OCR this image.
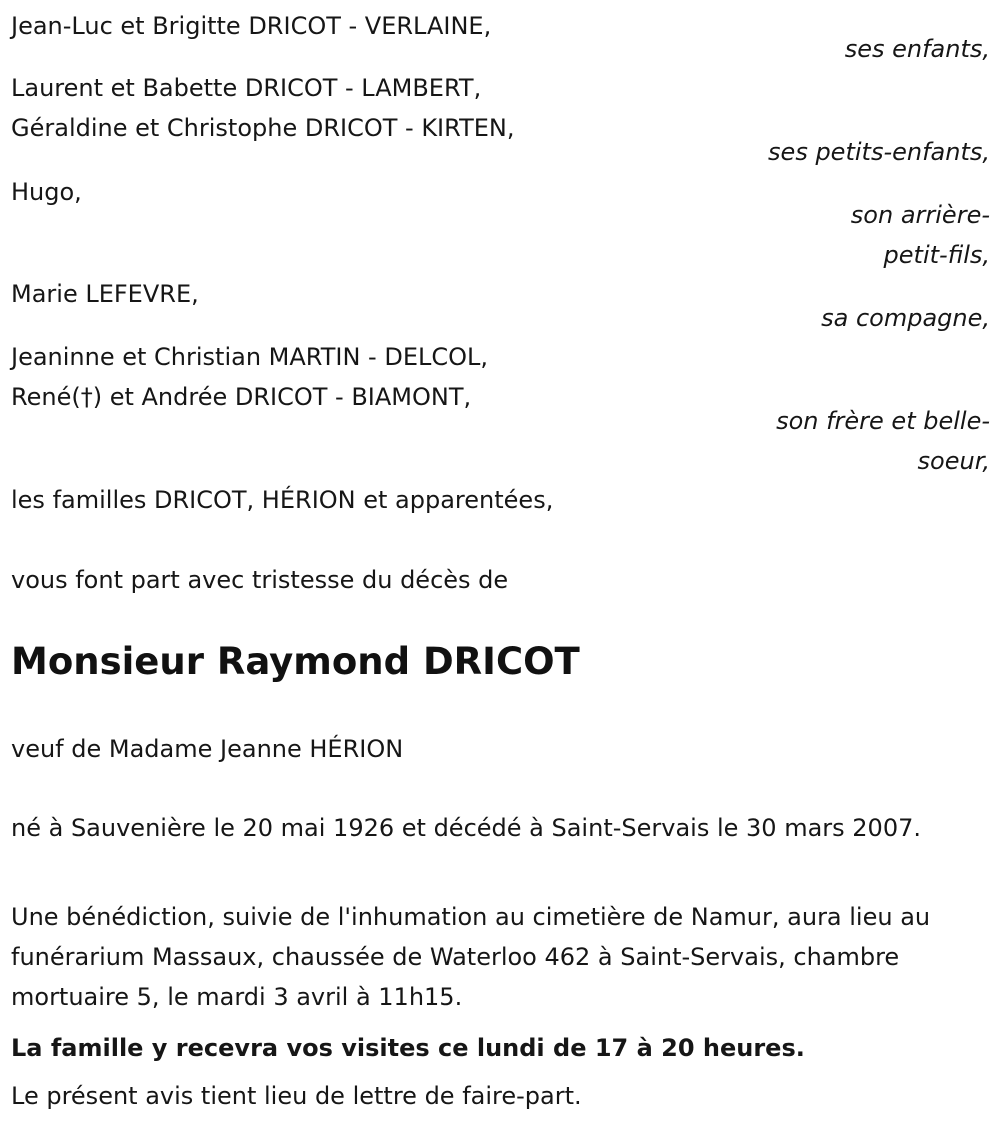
Jean-Luc et Brigitte DRICOT - VERLAINE,
ses enfants,
Laurent et Babette DRICOT - LAMBERT,
Géraldine et Christophe DRICOT - KIRTEN,
ses petits-enfants,
Hugo,
son arrière-
petit-fils,
Marie LEFEVRE,
sa compagne,
Jeaninne et Christian MARTIN - DELCOL,
René(†) et Andrée DRICOT - BIAMONT,
son frère et belle-
soeur,
les familles DRICOT, HÉRION et apparentées,
vous font part avec tristesse du décès de
Monsieur Raymond DRICOT
veuf de Madame Jeanne HÉRION
né à Sauvenière le 20 mai 1926 et décédé à Saint-Servais le 30 mars 2007.
Une bénédiction, suivie de l'inhumation au cimetière de Namur, aura lieu au funérarium Massaux, chaussée de Waterloo 462 à Saint-Servais, chambre mortuaire 5, le mardi 3 avril à 11h15.
La famille y recevra vos visites ce lundi de 17 à 20 heures.
Le présent avis tient lieu de lettre de faire-part.
